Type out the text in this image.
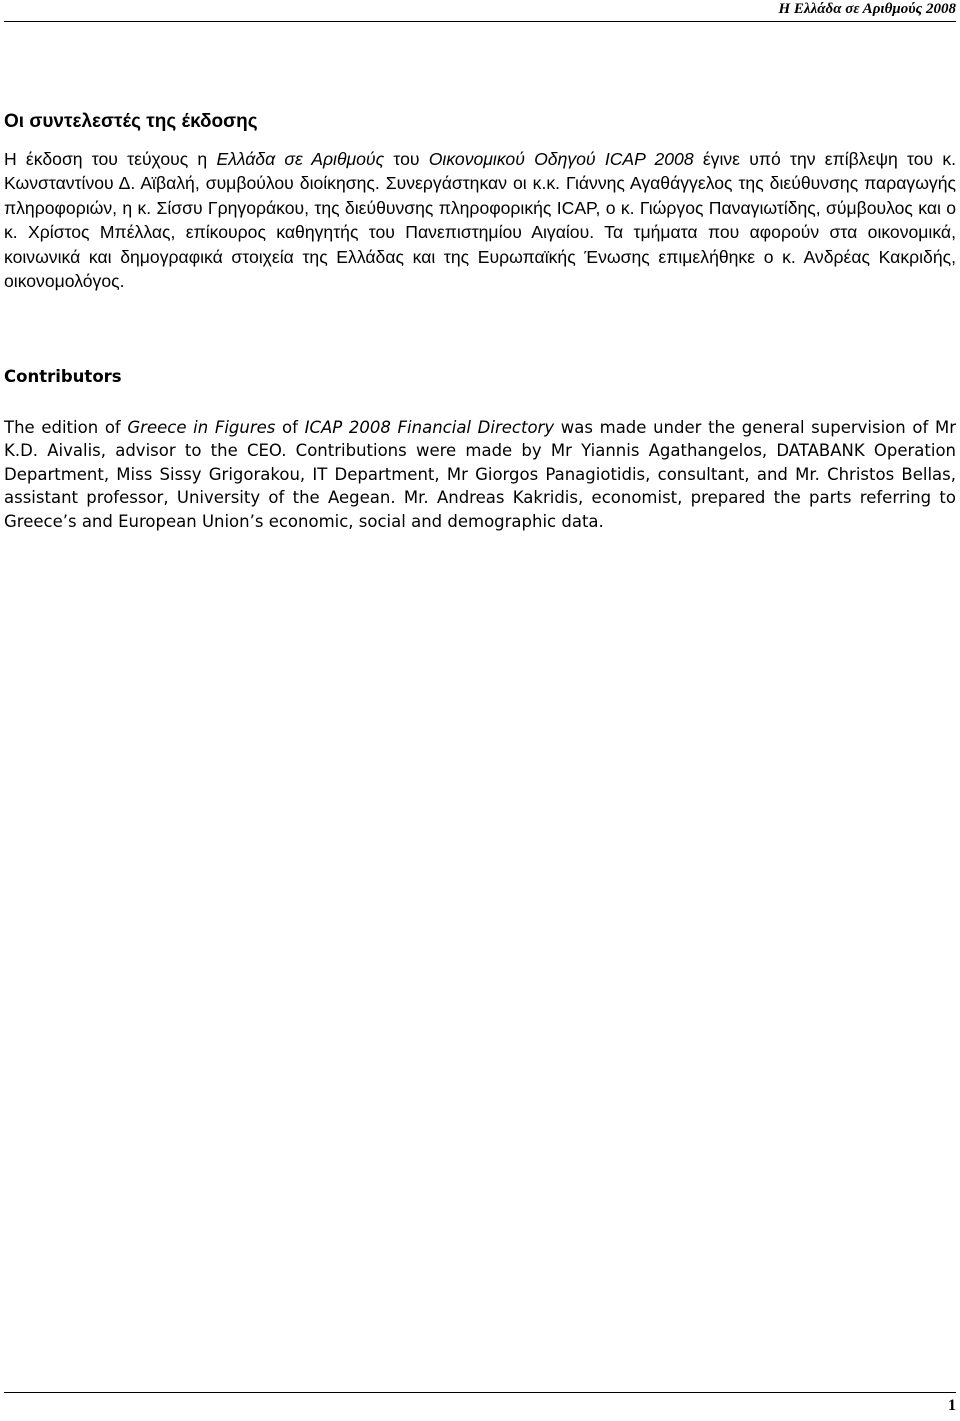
Η Ελλάδα σε Αριθμούς 2008
Οι συντελεστές της έκδοσης

Η έκδοση του τεύχους η Ελλάδα σε Αριθμούς του Οικονομικού Οδηγού ICAP 2008 έγινε υπό την επίβλεψη του κ. Κωνσταντίνου Δ. Αϊβαλή, συμβούλου διοίκησης. Συνεργάστηκαν οι κ.κ. Γιάννης Αγαθάγγελος της διεύθυνσης παραγωγής πληροφοριών, η κ. Σίσσυ Γρηγοράκου, της διεύθυνσης πληροφορικής ICAP, ο κ. Γιώργος Παναγιωτίδης, σύμβουλος και ο κ. Χρίστος Μπέλλας, επίκουρος καθηγητής του Πανεπιστημίου Αιγαίου. Τα τμήματα που αφορούν στα οικονομικά, κοινωνικά και δημογραφικά στοιχεία της Ελλάδας και της Ευρωπαϊκής Ένωσης επιμελήθηκε ο κ. Ανδρέας Κακριδής, οικονομολόγος.

Contributors

The edition of Greece in Figures of ICAP 2008 Financial Directory was made under the general supervision of Mr K.D. Aivalis, advisor to the CEO. Contributions were made by Mr Yiannis Agathangelos, DATABANK Operation Department, Miss Sissy Grigorakou, IT Department, Mr Giorgos Panagiotidis, consultant, and Mr. Christos Bellas, assistant professor, University of the Aegean. Mr. Andreas Kakridis, economist, prepared the parts referring to Greece’s and European Union’s economic, social and demographic data.

1
